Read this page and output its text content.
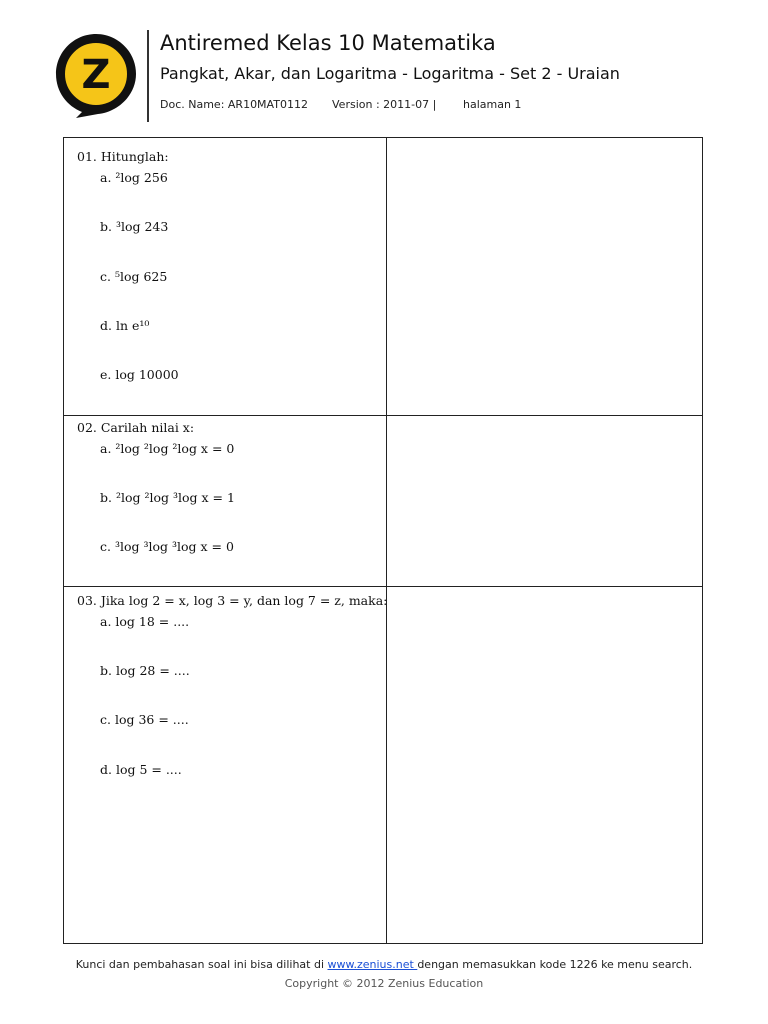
Z
Antiremed Kelas 10 Matematika
Pangkat, Akar, dan Logaritma - Logaritma - Set 2 - Uraian
Doc. Name: AR10MAT0112 Version : 2011-07 | halaman 1
01. Hitunglah:
a. ²log 256
b. ³log 243
c. ⁵log 625
d. ln e¹⁰
e. log 10000
02. Carilah nilai x:
a. ²log ²log ²log x = 0
b. ²log ²log ³log x = 1
c. ³log ³log ³log x = 0
03. Jika log 2 = x, log 3 = y, dan log 7 = z, maka:
a. log 18 = ....
b. log 28 = ....
c. log 36 = ....
d. log 5 = ....
Kunci dan pembahasan soal ini bisa dilihat di www.zenius.net dengan memasukkan kode 1226 ke menu search.
Copyright © 2012 Zenius Education
